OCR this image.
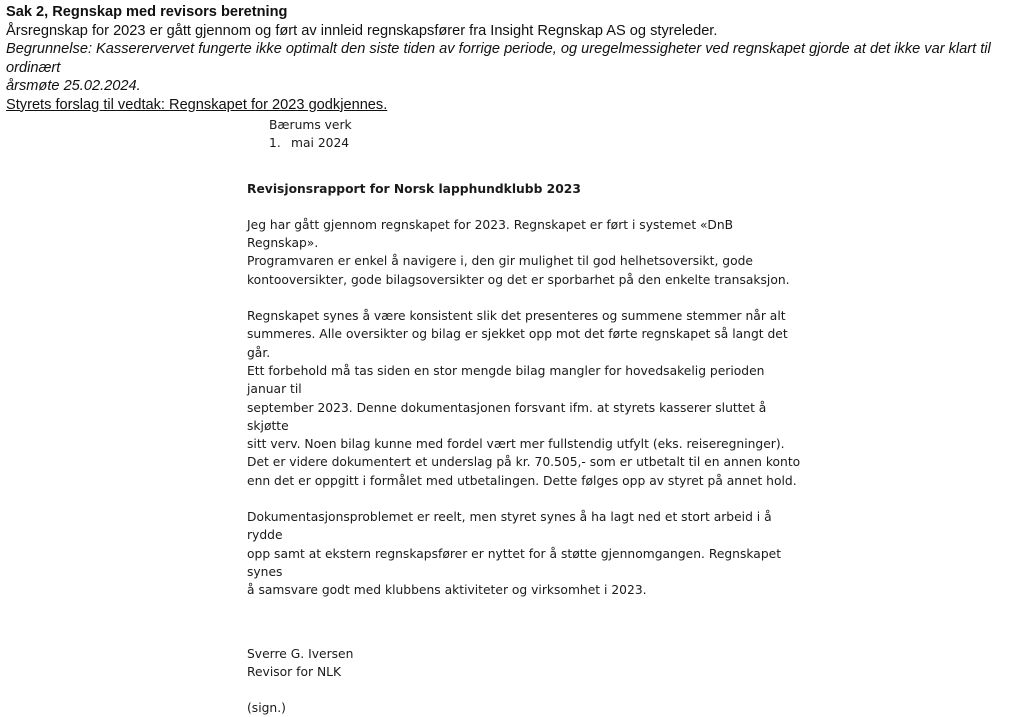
Sak 2, Regnskap med revisors beretning

Årsregnskap for 2023 er gått gjennom og ført av innleid regnskapsfører fra Insight Regnskap AS og styreleder.

Begrunnelse: Kasserervervet fungerte ikke optimalt den siste tiden av forrige periode, og uregelmessigheter ved regnskapet gjorde at det ikke var klart til ordinært

årsmøte 25.02.2024.

Styrets forslag til vedtak: Regnskapet for 2023 godkjennes.

Bærums verk

1. mai 2024

Revisjonsrapport for Norsk lapphundklubb 2023

Jeg har gått gjennom regnskapet for 2023. Regnskapet er ført i systemet «DnB Regnskap».
Programvaren er enkel å navigere i, den gir mulighet til god helhetsoversikt, gode
kontooversikter, gode bilagsoversikter og det er sporbarhet på den enkelte transaksjon.

Regnskapet synes å være konsistent slik det presenteres og summene stemmer når alt
summeres. Alle oversikter og bilag er sjekket opp mot det førte regnskapet så langt det går.
Ett forbehold må tas siden en stor mengde bilag mangler for hovedsakelig perioden januar til
september 2023. Denne dokumentasjonen forsvant ifm. at styrets kasserer sluttet å skjøtte
sitt verv. Noen bilag kunne med fordel vært mer fullstendig utfylt (eks. reiseregninger).
Det er videre dokumentert et underslag på kr. 70.505,- som er utbetalt til en annen konto
enn det er oppgitt i formålet med utbetalingen. Dette følges opp av styret på annet hold.

Dokumentasjonsproblemet er reelt, men styret synes å ha lagt ned et stort arbeid i å rydde
opp samt at ekstern regnskapsfører er nyttet for å støtte gjennomgangen. Regnskapet synes
å samsvare godt med klubbens aktiviteter og virksomhet i 2023.

Sverre G. Iversen

Revisor for NLK

(sign.)
